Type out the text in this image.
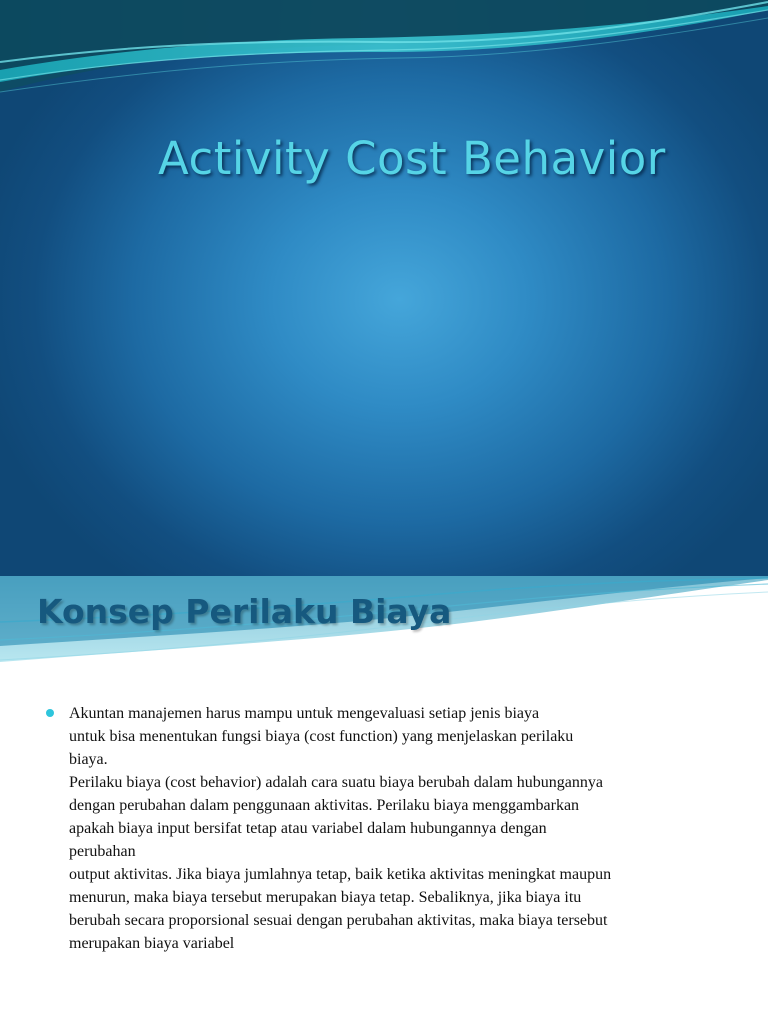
Activity Cost Behavior
Konsep Perilaku Biaya
Akuntan manajemen harus mampu untuk mengevaluasi setiap jenis biaya
untuk bisa menentukan fungsi biaya (cost function) yang menjelaskan perilaku
biaya.
Perilaku biaya (cost behavior) adalah cara suatu biaya berubah dalam hubungannya
dengan perubahan dalam penggunaan aktivitas. Perilaku biaya menggambarkan
apakah biaya input bersifat tetap atau variabel dalam hubungannya dengan
perubahan
output aktivitas. Jika biaya jumlahnya tetap, baik ketika aktivitas meningkat maupun
menurun, maka biaya tersebut merupakan biaya tetap. Sebaliknya, jika biaya itu
berubah secara proporsional sesuai dengan perubahan aktivitas, maka biaya tersebut
merupakan biaya variabel
